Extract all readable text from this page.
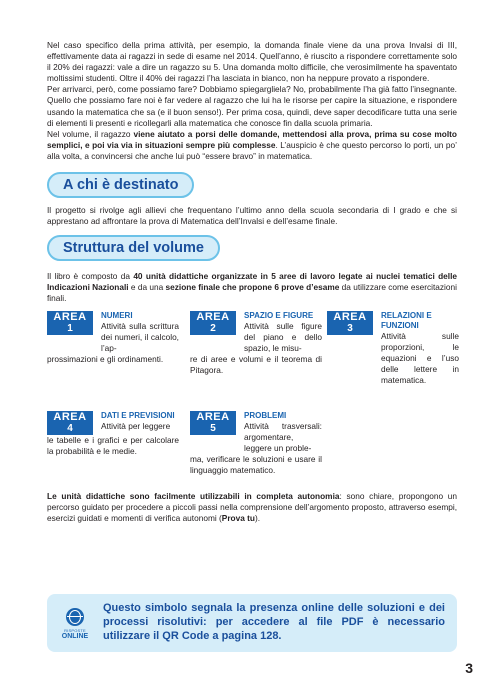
Nel caso specifico della prima attività, per esempio, la domanda finale viene da una prova Invalsi di III, effettivamente data ai ragazzi in sede di esame nel 2014. Quell’anno, è riuscito a rispondere correttamente solo il 20% dei ragazzi: vale a dire un ragazzo su 5. Una domanda molto difficile, che verosimilmente ha spaventato moltissimi studenti. Oltre il 40% dei ragazzi l’ha lasciata in bianco, non ha neppure provato a rispondere.

Per arrivarci, però, come possiamo fare? Dobbiamo spiegargliela? No, probabilmente l’ha già fatto l’insegnante. Quello che possiamo fare noi è far vedere al ragazzo che lui ha le risorse per capire la situazione, e rispondere usando la matematica che sa (e il buon senso!). Per prima cosa, quindi, deve saper decodificare tutta una serie di elementi li presenti e ricollegarli alla matematica che conosce fin dalla scuola primaria.

Nel volume, il ragazzo viene aiutato a porsi delle domande, mettendosi alla prova, prima su cose molto semplici, e poi via via in situazioni sempre più complesse. L’auspicio è che questo percorso lo porti, un po’ alla volta, a convincersi che anche lui può “essere bravo” in matematica.

A chi è destinato

Il progetto si rivolge agli allievi che frequentano l’ultimo anno della scuola secondaria di I grado e che si apprestano ad affrontare la prova di Matematica dell’Invalsi e dell’esame finale.

Struttura del volume

Il libro è composto da 40 unità didattiche organizzate in 5 aree di lavoro legate ai nuclei tematici delle Indicazioni Nazionali e da una sezione finale che propone 6 prove d’esame da utilizzare come esercitazioni finali.

AREA
1
NUMERI
Attività sulla scrittura dei numeri, il calcolo, l’ap-
prossimazioni e gli ordinamenti.
AREA
2
SPAZIO E FIGURE
Attività sulle figure del piano e dello spazio, le misu-
re di aree e volumi e il teorema di Pitagora.
AREA
3
RELAZIONI E FUNZIONI
Attività sulle proporzioni, le equazioni e l’uso delle lettere in matematica.
AREA
4
DATI E PREVISIONI
Attività per leggere
le tabelle e i grafici e per calcolare la probabilità e le medie.
AREA
5
PROBLEMI
Attività trasversali: argomentare, leggere un proble-
ma, verificare le soluzioni e usare il linguaggio matematico.

Le unità didattiche sono facilmente utilizzabili in completa autonomia: sono chiare, propongono un percorso guidato per procedere a piccoli passi nella comprensione dell’argomento proposto, attraverso esempi, esercizi guidati e momenti di verifica autonomi (Prova tu).

RISPOSTE
ONLINE
Questo simbolo segnala la presenza online delle soluzioni e dei processi risolutivi: per accedere al file PDF è necessario utilizzare il QR Code a pagina 128.
3
